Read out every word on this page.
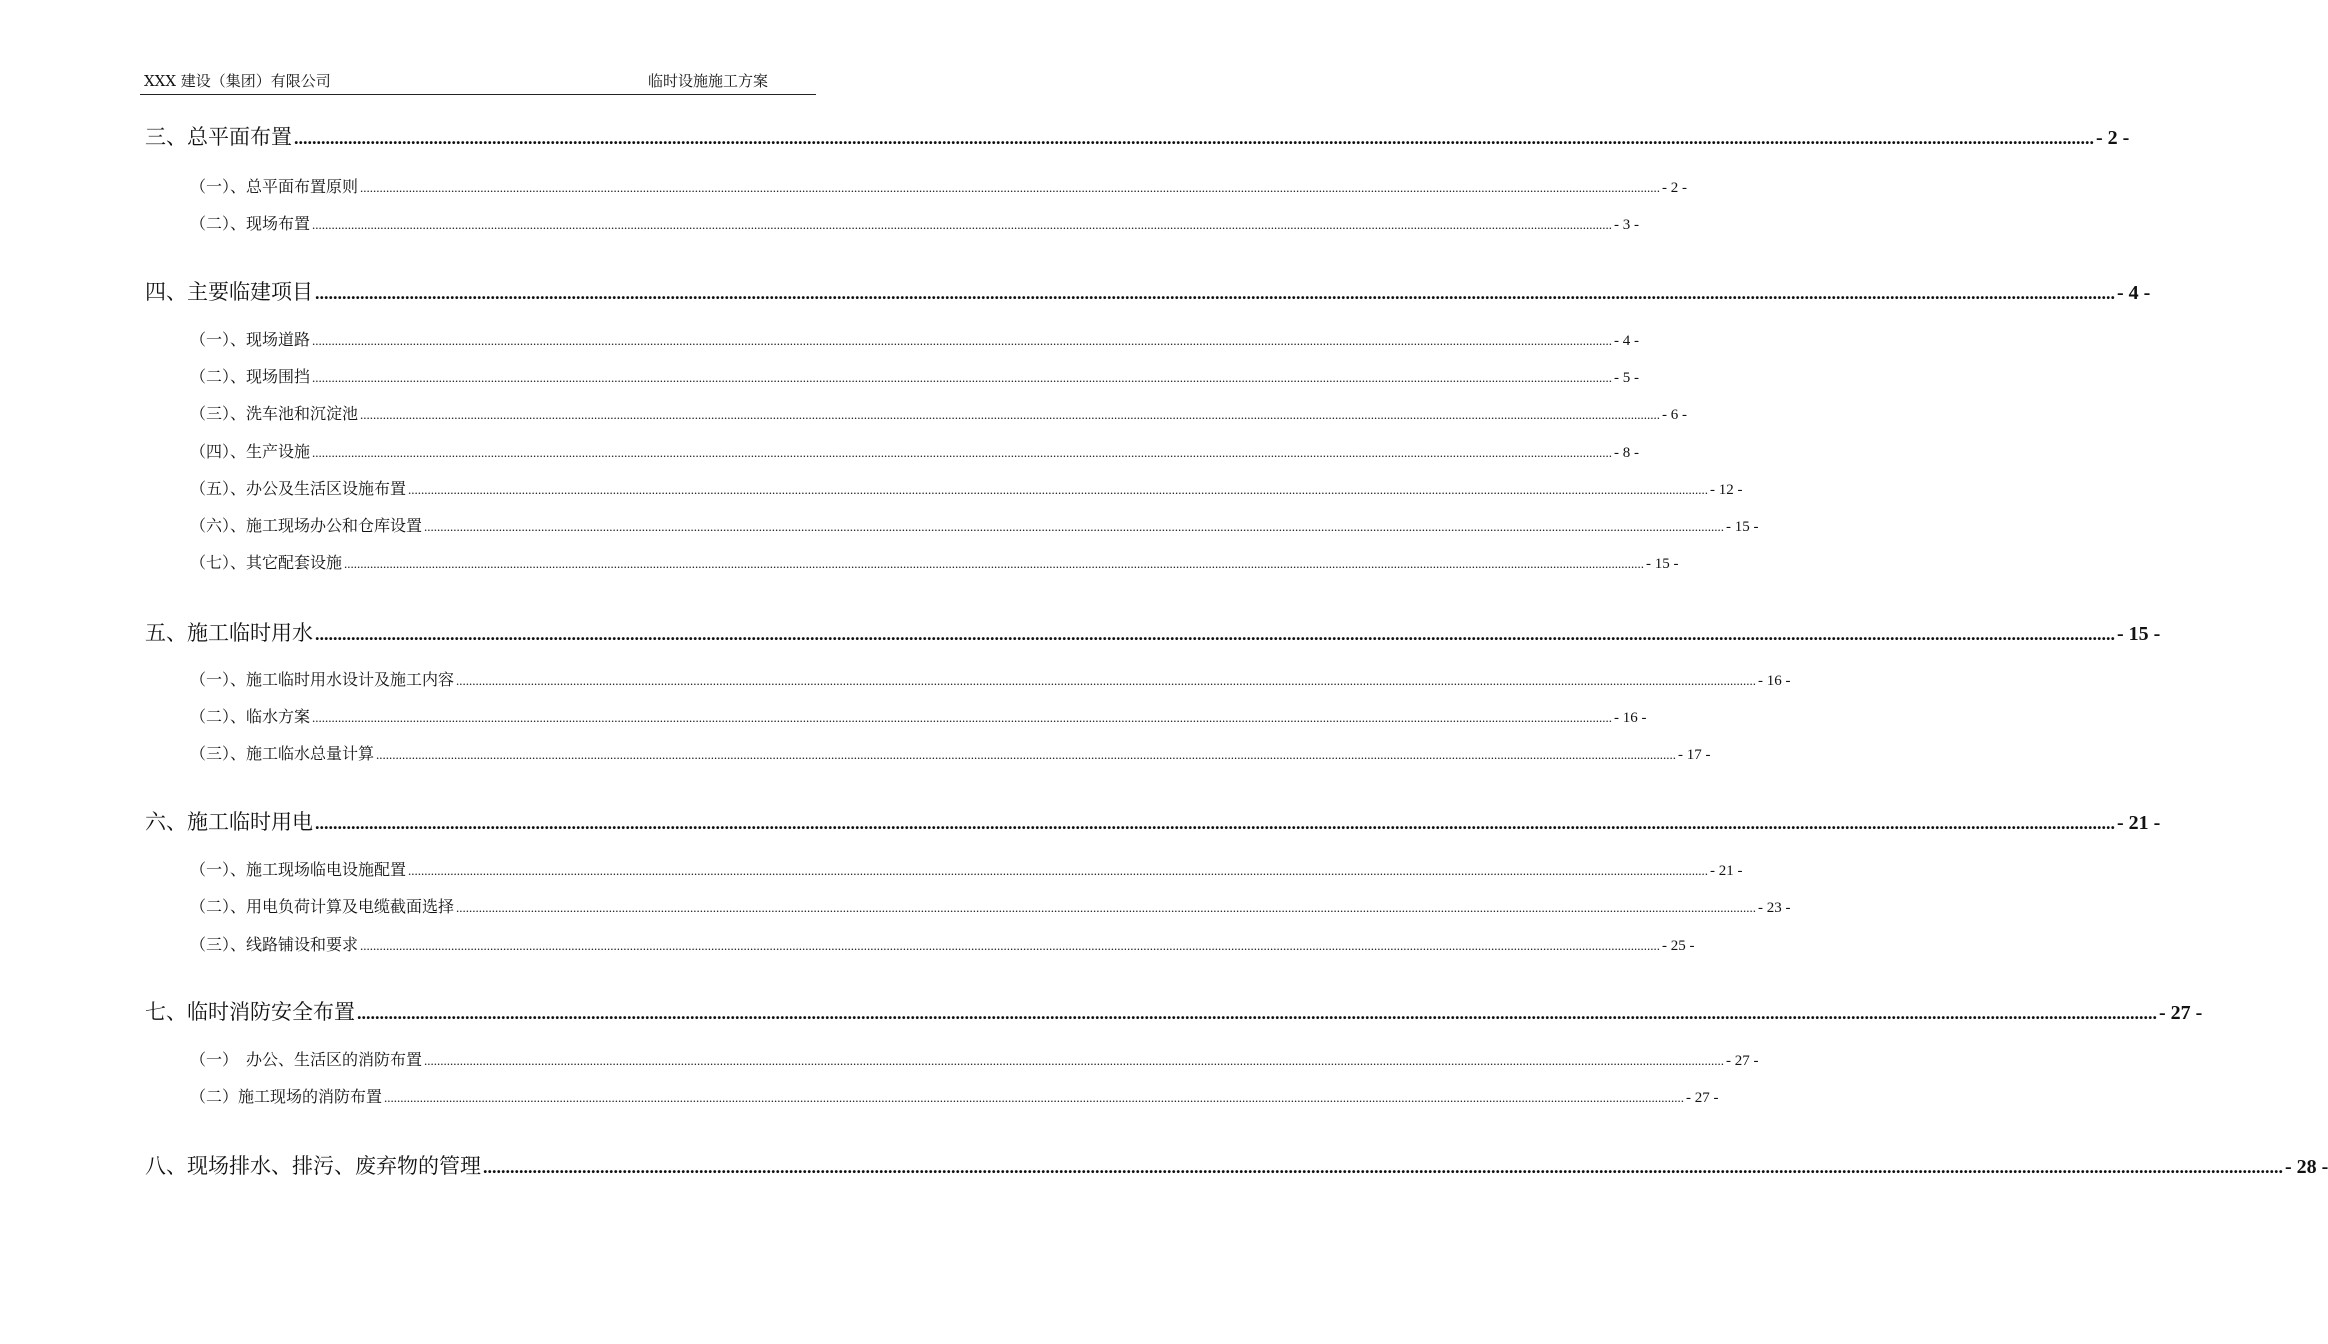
XXX 建设（集团）有限公司	临时设施施工方案
三、总平面布置 ................................................................................................................................................................................................................................................................................................................................................................................................................ - 2 -
（一）、总平面布置原则 ................................................................................................................................................................................................................................................................................................................................................................................................................ - 2 -
（二）、现场布置 ................................................................................................................................................................................................................................................................................................................................................................................................................ - 3 -
四、主要临建项目 ................................................................................................................................................................................................................................................................................................................................................................................................................ - 4 -
（一）、现场道路 ................................................................................................................................................................................................................................................................................................................................................................................................................ - 4 -
（二）、现场围挡 ................................................................................................................................................................................................................................................................................................................................................................................................................ - 5 -
（三）、洗车池和沉淀池 ................................................................................................................................................................................................................................................................................................................................................................................................................ - 6 -
（四）、生产设施 ................................................................................................................................................................................................................................................................................................................................................................................................................ - 8 -
（五）、办公及生活区设施布置 ................................................................................................................................................................................................................................................................................................................................................................................................................ - 12 -
（六）、施工现场办公和仓库设置 ................................................................................................................................................................................................................................................................................................................................................................................................................ - 15 -
（七）、其它配套设施 ................................................................................................................................................................................................................................................................................................................................................................................................................ - 15 -
五、施工临时用水 ................................................................................................................................................................................................................................................................................................................................................................................................................ - 15 -
（一）、施工临时用水设计及施工内容 ................................................................................................................................................................................................................................................................................................................................................................................................................ - 16 -
（二）、临水方案 ................................................................................................................................................................................................................................................................................................................................................................................................................ - 16 -
（三）、施工临水总量计算 ................................................................................................................................................................................................................................................................................................................................................................................................................ - 17 -
六、施工临时用电 ................................................................................................................................................................................................................................................................................................................................................................................................................ - 21 -
（一）、施工现场临电设施配置 ................................................................................................................................................................................................................................................................................................................................................................................................................ - 21 -
（二）、用电负荷计算及电缆截面选择 ................................................................................................................................................................................................................................................................................................................................................................................................................ - 23 -
（三）、线路铺设和要求 ................................................................................................................................................................................................................................................................................................................................................................................................................ - 25 -
七、临时消防安全布置 ................................................................................................................................................................................................................................................................................................................................................................................................................ - 27 -
（一）　办公、生活区的消防布置 ................................................................................................................................................................................................................................................................................................................................................................................................................ - 27 -
（二）施工现场的消防布置 ................................................................................................................................................................................................................................................................................................................................................................................................................ - 27 -
八、现场排水、排污、废弃物的管理 ................................................................................................................................................................................................................................................................................................................................................................................................................ - 28 -
